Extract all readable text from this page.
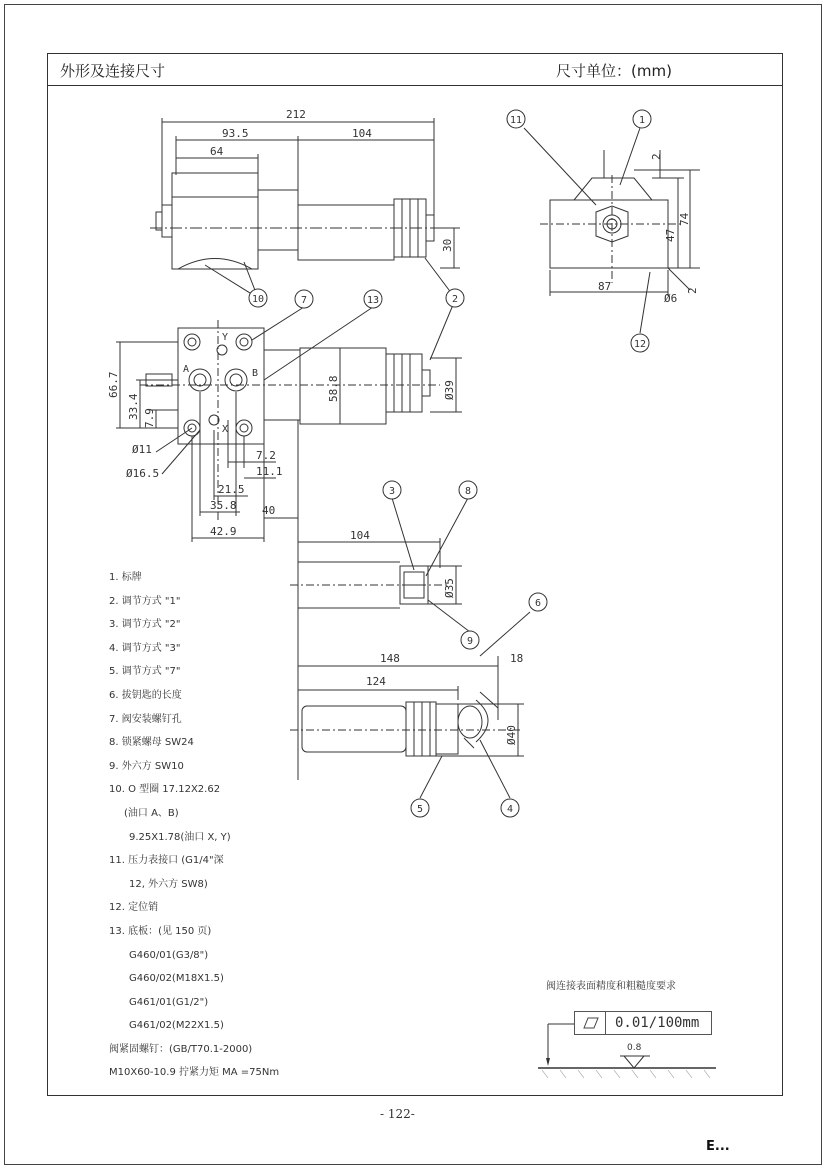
10	2
11	1
12
7	13
3	8
9
6
5	4
212
93.5	104
64
30
2
74
47
2
87
Ø6
66.7
33.4 7.9
58.8	Ø39
Ø11
Ø16.5
7.2
11.1
21.5
35.8 40
42.9	104
Ø35
148	18
124
Ø40
Y
A	B
X
外形及连接尺寸	尺寸单位：(mm)
1. 标牌
2. 调节方式 "1"
3. 调节方式 "2"
4. 调节方式 "3"
5. 调节方式 "7"
6. 拔钥匙的长度
7. 阀安装螺钉孔
8. 锁紧螺母 SW24
9. 外六方 SW10
10. O 型圈 17.12X2.62
(油口 A、B)
9.25X1.78(油口 X, Y)
11. 压力表接口 (G1/4"深
12, 外六方 SW8)
12. 定位销
13. 底板：(见 150 页)
G460/01(G3/8")
G460/02(M18X1.5)
G461/01(G1/2")
G461/02(M22X1.5)
阀紧固螺钉：(GB/T70.1-2000)
M10X60-10.9 拧紧力矩 MA =75Nm
阀连接表面精度和粗糙度要求
0.01/100mm
0.8
- 122-
E...
